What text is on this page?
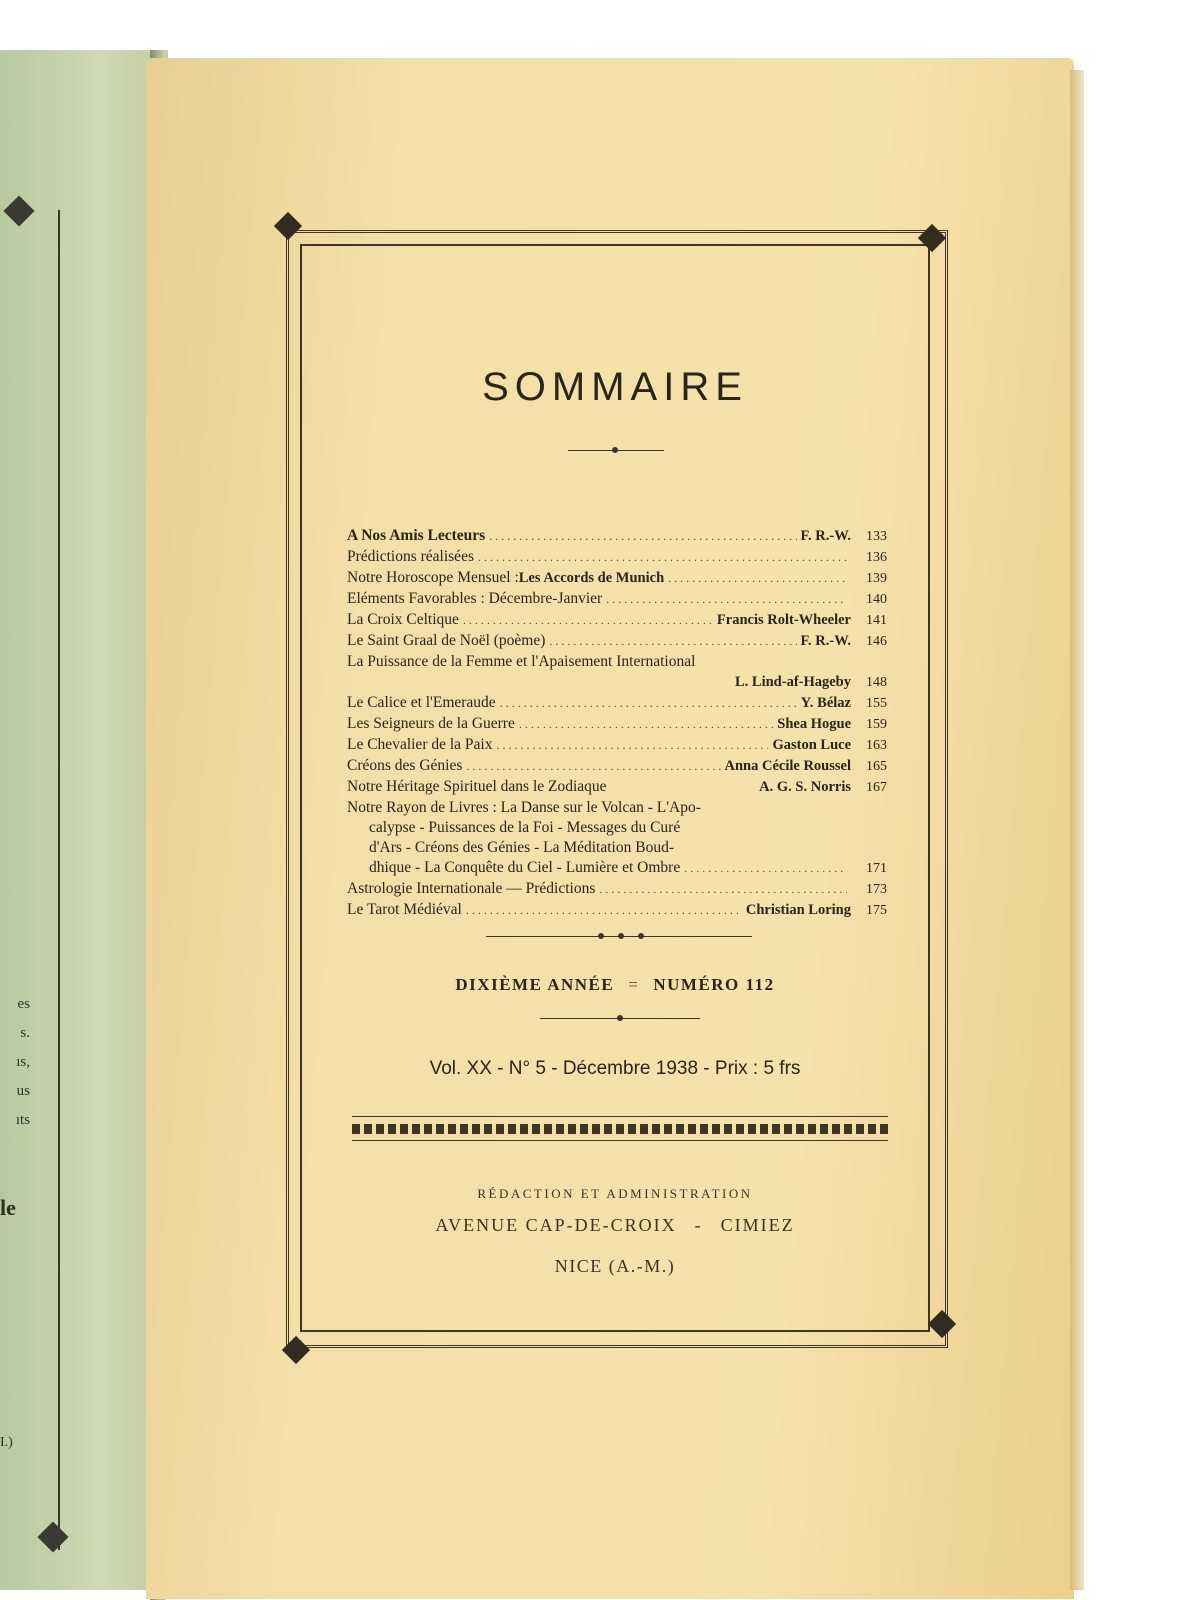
es
s.
ıs,
us
ıts
le
I.)
SOMMAIRE
A Nos Amis Lecteurs . . .	F. R.-W.	133
Prédictions réalisées . . .	136
Notre Horoscope Mensuel : Les Accords de Munich . . .	139
Eléments Favorables : Décembre-Janvier . . .	140
La Croix Celtique . . .	Francis Rolt-Wheeler	141
Le Saint Graal de Noël (poème) . . .	F. R.-W.	146
La Puissance de la Femme et l'Apaisement International
L. Lind-af-Hageby	148
Le Calice et l'Emeraude . . .	Y. Bélaz	155
Les Seigneurs de la Guerre . . .	Shea Hogue	159
Le Chevalier de la Paix . . .	Gaston Luce	163
Créons des Génies . . .	Anna Cécile Roussel	165
Notre Héritage Spirituel dans le Zodiaque	A. G. S. Norris	167
Notre Rayon de Livres : La Danse sur le Volcan - L'Apo-
calypse - Puissances de la Foi - Messages du Curé
d'Ars - Créons des Génies - La Méditation Boud-
dhique - La Conquête du Ciel - Lumière et Ombre . . .	171
Astrologie Internationale — Prédictions . . .	173
Le Tarot Médiéval . . .	Christian Loring	175
DIXIÈME ANNÉE = NUMÉRO 112
Vol. XX - N° 5 - Décembre 1938 - Prix : 5 frs
RÉDACTION ET ADMINISTRATION
AVENUE CAP-DE-CROIX - CIMIEZ
NICE (A.-M.)
